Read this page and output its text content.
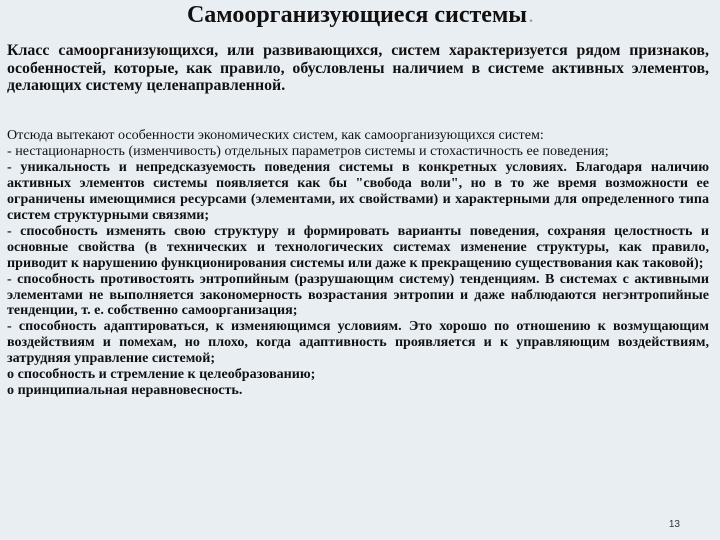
Самоорганизующиеся системы .

Класс самоорганизующихся, или развивающихся, систем характеризуется рядом признаков, особенностей, которые, как правило, обусловлены наличием в системе активных элементов, делающих систему целенаправленной.

Отсюда вытекают особенности экономических систем, как самоорганизующихся систем:
- нестационарность (изменчивость) отдельных параметров системы и стохастичность ее поведения;
- уникальность и непредсказуемость поведения системы в конкретных условиях. Благодаря наличию активных элементов системы появляется как бы "свобода воли", но в то же время возможности ее ограничены имеющимися ресурсами (элементами, их свойствами) и характерными для определенного типа систем структурными связями;
- способность изменять свою структуру и формировать варианты поведения, сохраняя целостность и основные свойства (в технических и технологических системах изменение структуры, как правило, приводит к нарушению функционирования системы или даже к прекращению существования как таковой);
- способность противостоять энтропийным (разрушающим систему) тенденциям. В системах с активными элементами не выполняется закономерность возрастания энтропии и даже наблюдаются негэнтропийные тенденции, т. е. собственно самоорганизация;
- способность адаптироваться, к изменяющимся условиям. Это хорошо по отношению к возмущающим воздействиям и помехам, но плохо, когда адаптивность проявляется и к управляющим воздействиям, затрудняя управление системой;
о способность и стремление к целеобразованию;
о принципиальная неравновесность.
13
